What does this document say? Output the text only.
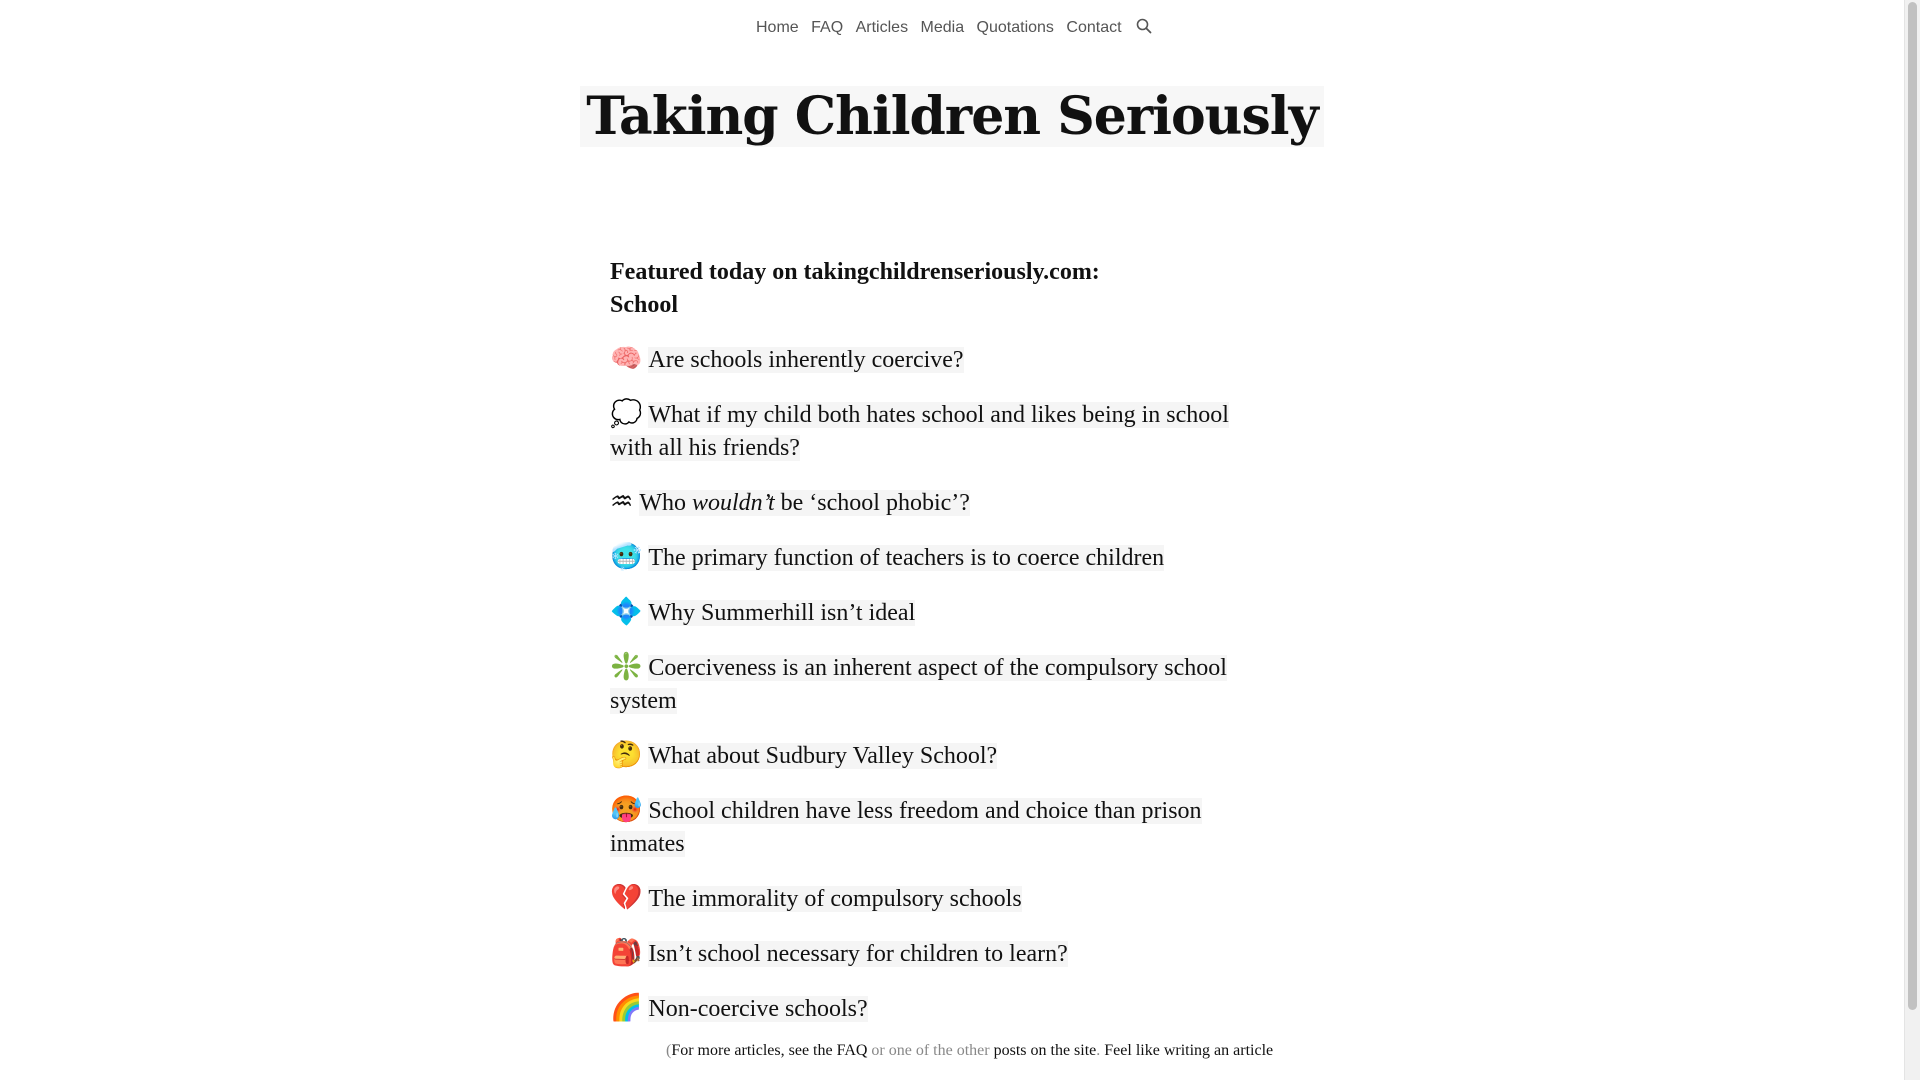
Home FAQ Articles Media Quotations Contact
Taking Children Seriously
Featured today on takingchildrenseriously.com:
School
🧠 Are schools inherently coercive?
💭 What if my child both hates school and likes being in school with all his friends?
♒ Who wouldn’t be ‘school phobic’?
🥶 The primary function of teachers is to coerce children
💠 Why Summerhill isn’t ideal
❇️ Coerciveness is an inherent aspect of the compulsory school system
🤔 What about Sudbury Valley School?
🥵 School children have less freedom and choice than prison inmates
💔 The immorality of compulsory schools
🎒 Isn’t school necessary for children to learn?
🌈 Non-coercive schools?
(For more articles, see the FAQ or one of the other posts on the site. Feel like writing an article
